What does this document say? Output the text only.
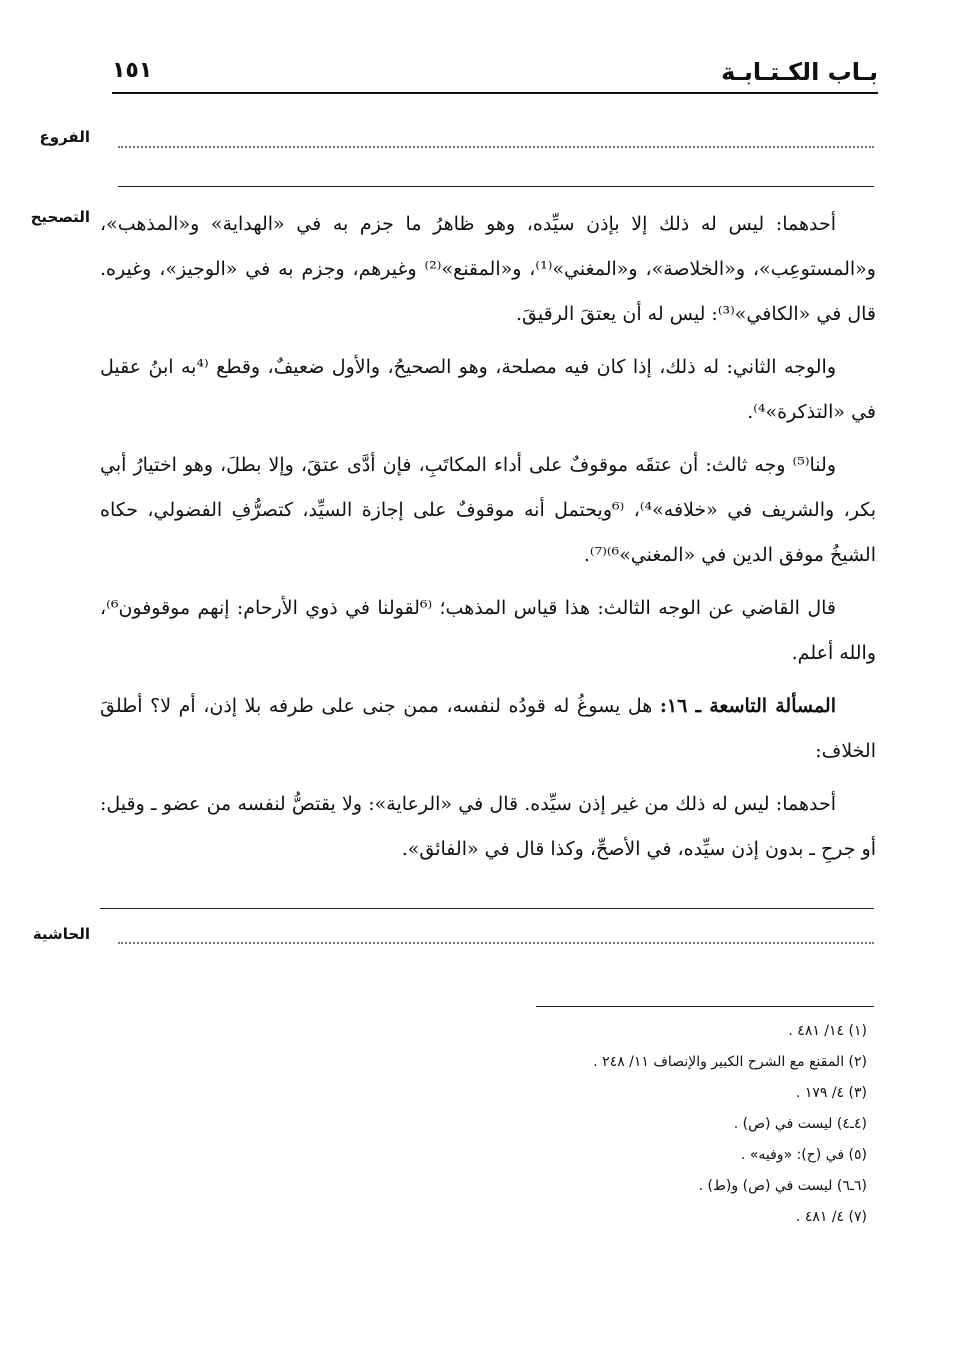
بـاب الكـتـابـة
١٥١
الفروع
التصحيح أحدهما: ليس له ذلك إلا بإذن سيِّده، وهو ظاهرُ ما جزم به في «الهداية» و«المذهب»، و«المستوعِب»، و«الخلاصة»، و«المغني»⁽¹⁾، و«المقنع»⁽²⁾ وغيرهم، وجزم به في «الوجيز»، وغيره. قال في «الكافي»⁽³⁾: ليس له أن يعتقَ الرقيقَ.

والوجه الثاني: له ذلك، إذا كان فيه مصلحة، وهو الصحيحُ، والأول ضعيفٌ، وقطع ⁽⁴به ابنُ عقيل في «التذكرة»⁴⁾.

ولنا⁽⁵⁾ وجه ثالث: أن عتقَه موقوفٌ على أداء المكاتَبِ، فإن أدَّى عتقَ، وإلا بطلَ، وهو اختيارُ أبي بكر، والشريف في «خلافه»⁴⁾، ⁽⁶ويحتمل أنه موقوفٌ على إجازة السيِّد، كتصرُّفِ الفضولي، حكاه الشيخُ موفق الدين في «المغني»⁶⁾⁽⁷⁾.

قال القاضي عن الوجه الثالث: هذا قياس المذهب؛ ⁽⁶لقولنا في ذوي الأرحام: إنهم موقوفون⁶⁾، والله أعلم.

المسألة التاسعة ـ ١٦: هل يسوغُ له قودُه لنفسه، ممن جنى على طرفه بلا إذن، أم لا؟ أطلقَ الخلاف:

أحدهما: ليس له ذلك من غير إذن سيِّده. قال في «الرعاية»: ولا يقتصُّ لنفسه من عضو ـ وقيل: أو جرحِ ـ بدون إذن سيِّده، في الأصحِّ، وكذا قال في «الفائق».

الحاشية
(١) ١٤/ ٤٨١ .
(٢) المقنع مع الشرح الكبير والإنصاف ١١/ ٢٤٨ .
(٣) ٤/ ١٧٩ .
(٤ـ٤) ليست في (ص) .
(٥) في (ح): «وفيه» .
(٦ـ٦) ليست في (ص) و(ط) .
(٧) ٤/ ٤٨١ .
